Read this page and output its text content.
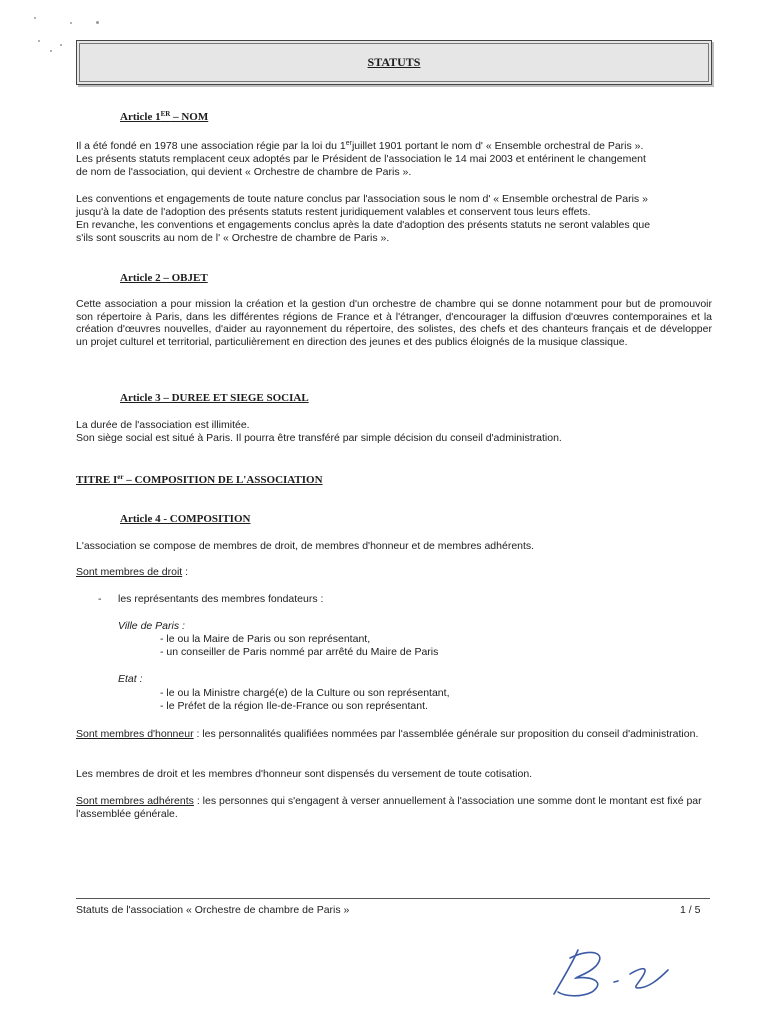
STATUTS
Article 1ER – NOM
Il a été fondé en 1978 une association régie par la loi du 1erjuillet 1901 portant le nom d' « Ensemble orchestral de Paris ».
Les présents statuts remplacent ceux adoptés par le Président de l'association le 14 mai 2003 et entérinent le changement
de nom de l'association, qui devient « Orchestre de chambre de Paris ».
Les conventions et engagements de toute nature conclus par l'association sous le nom d' « Ensemble orchestral de Paris »
jusqu'à la date de l'adoption des présents statuts restent juridiquement valables et conservent tous leurs effets.
En revanche, les conventions et engagements conclus après la date d'adoption des présents statuts ne seront valables que
s'ils sont souscrits au nom de l' « Orchestre de chambre de Paris ».
Article 2 – OBJET
Cette association a pour mission la création et la gestion d'un orchestre de chambre qui se donne notamment pour but de promouvoir son répertoire à Paris, dans les différentes régions de France et à l'étranger, d'encourager la diffusion d'œuvres contemporaines et la création d'œuvres nouvelles, d'aider au rayonnement du répertoire, des solistes, des chefs et des chanteurs français et de développer un projet culturel et territorial, particulièrement en direction des jeunes et des publics éloignés de la musique classique.
Article 3 – DUREE ET SIEGE SOCIAL
La durée de l'association est illimitée.
Son siège social est situé à Paris. Il pourra être transféré par simple décision du conseil d'administration.
TITRE Ier – COMPOSITION DE L'ASSOCIATION
Article 4 - COMPOSITION
L'association se compose de membres de droit, de membres d'honneur et de membres adhérents.
Sont membres de droit :
- les représentants des membres fondateurs :
Ville de Paris :
- le ou la Maire de Paris ou son représentant,
- un conseiller de Paris nommé par arrêté du Maire de Paris
Etat :
- le ou la Ministre chargé(e) de la Culture ou son représentant,
- le Préfet de la région Ile-de-France ou son représentant.
Sont membres d'honneur : les personnalités qualifiées nommées par l'assemblée générale sur proposition du conseil d'administration.
Les membres de droit et les membres d'honneur sont dispensés du versement de toute cotisation.
Sont membres adhérents : les personnes qui s'engagent à verser annuellement à l'association une somme dont le montant est fixé par l'assemblée générale.
Statuts de l'association « Orchestre de chambre de Paris »	1 / 5
